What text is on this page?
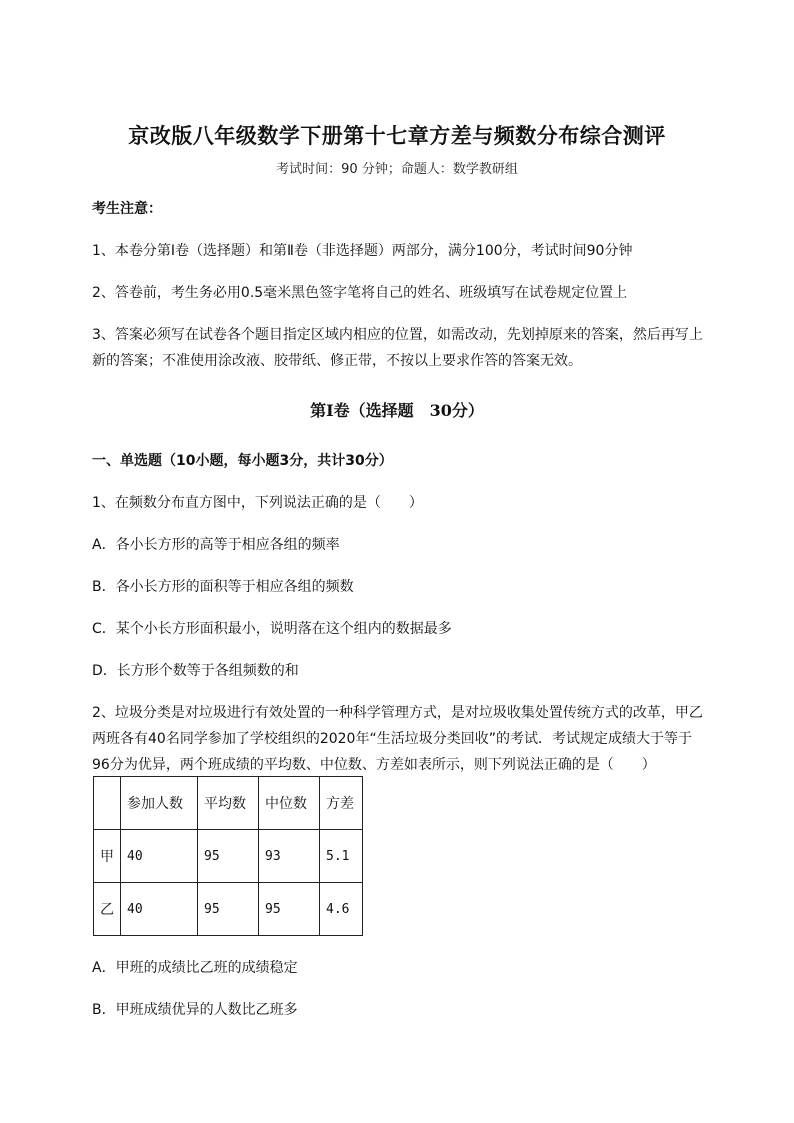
京改版八年级数学下册第十七章方差与频数分布综合测评
考试时间：90 分钟；命题人：数学教研组
考生注意：
1、本卷分第Ⅰ卷（选择题）和第Ⅱ卷（非选择题）两部分，满分100分，考试时间90分钟
2、答卷前，考生务必用0.5毫米黑色签字笔将自己的姓名、班级填写在试卷规定位置上
3、答案必须写在试卷各个题目指定区域内相应的位置，如需改动，先划掉原来的答案，然后再写上新的答案；不准使用涂改液、胶带纸、修正带，不按以上要求作答的答案无效。
第Ⅰ卷（选择题　30分）
一、单选题（10小题，每小题3分，共计30分）
1、在频数分布直方图中，下列说法正确的是（　　）
A．各小长方形的高等于相应各组的频率
B．各小长方形的面积等于相应各组的频数
C．某个小长方形面积最小，说明落在这个组内的数据最多
D．长方形个数等于各组频数的和
2、垃圾分类是对垃圾进行有效处置的一种科学管理方式，是对垃圾收集处置传统方式的改革，甲乙两班各有40名同学参加了学校组织的2020年“生活垃圾分类回收”的考试．考试规定成绩大于等于96分为优异，两个班成绩的平均数、中位数、方差如表所示，则下列说法正确的是（　　）
	参加人数	平均数	中位数	方差
甲	40	95	93	5.1
乙	40	95	95	4.6
A．甲班的成绩比乙班的成绩稳定
B．甲班成绩优异的人数比乙班多
